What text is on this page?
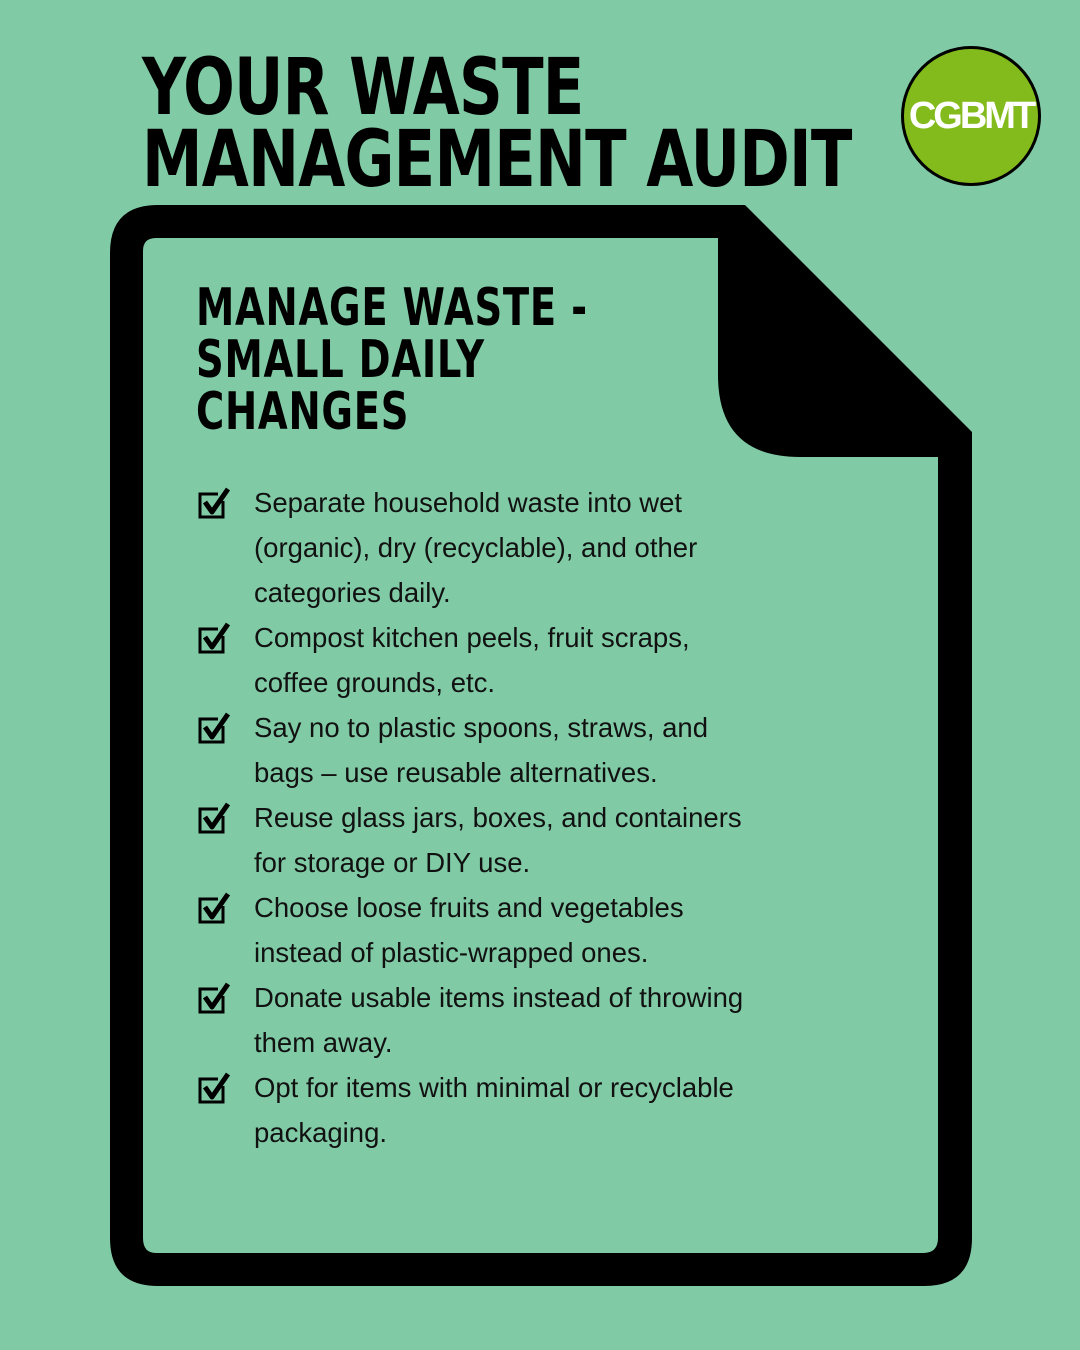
YOUR WASTE
MANAGEMENT AUDIT CGBMT
MANAGE WASTE -
SMALL DAILY
CHANGES
Separate household waste into wet (organic), dry (recyclable), and other categories daily.
Compost kitchen peels, fruit scraps, coffee grounds, etc.
Say no to plastic spoons, straws, and bags – use reusable alternatives.
Reuse glass jars, boxes, and containers for storage or DIY use.
Choose loose fruits and vegetables instead of plastic-wrapped ones.
Donate usable items instead of throwing them away.
Opt for items with minimal or recyclable packaging.
